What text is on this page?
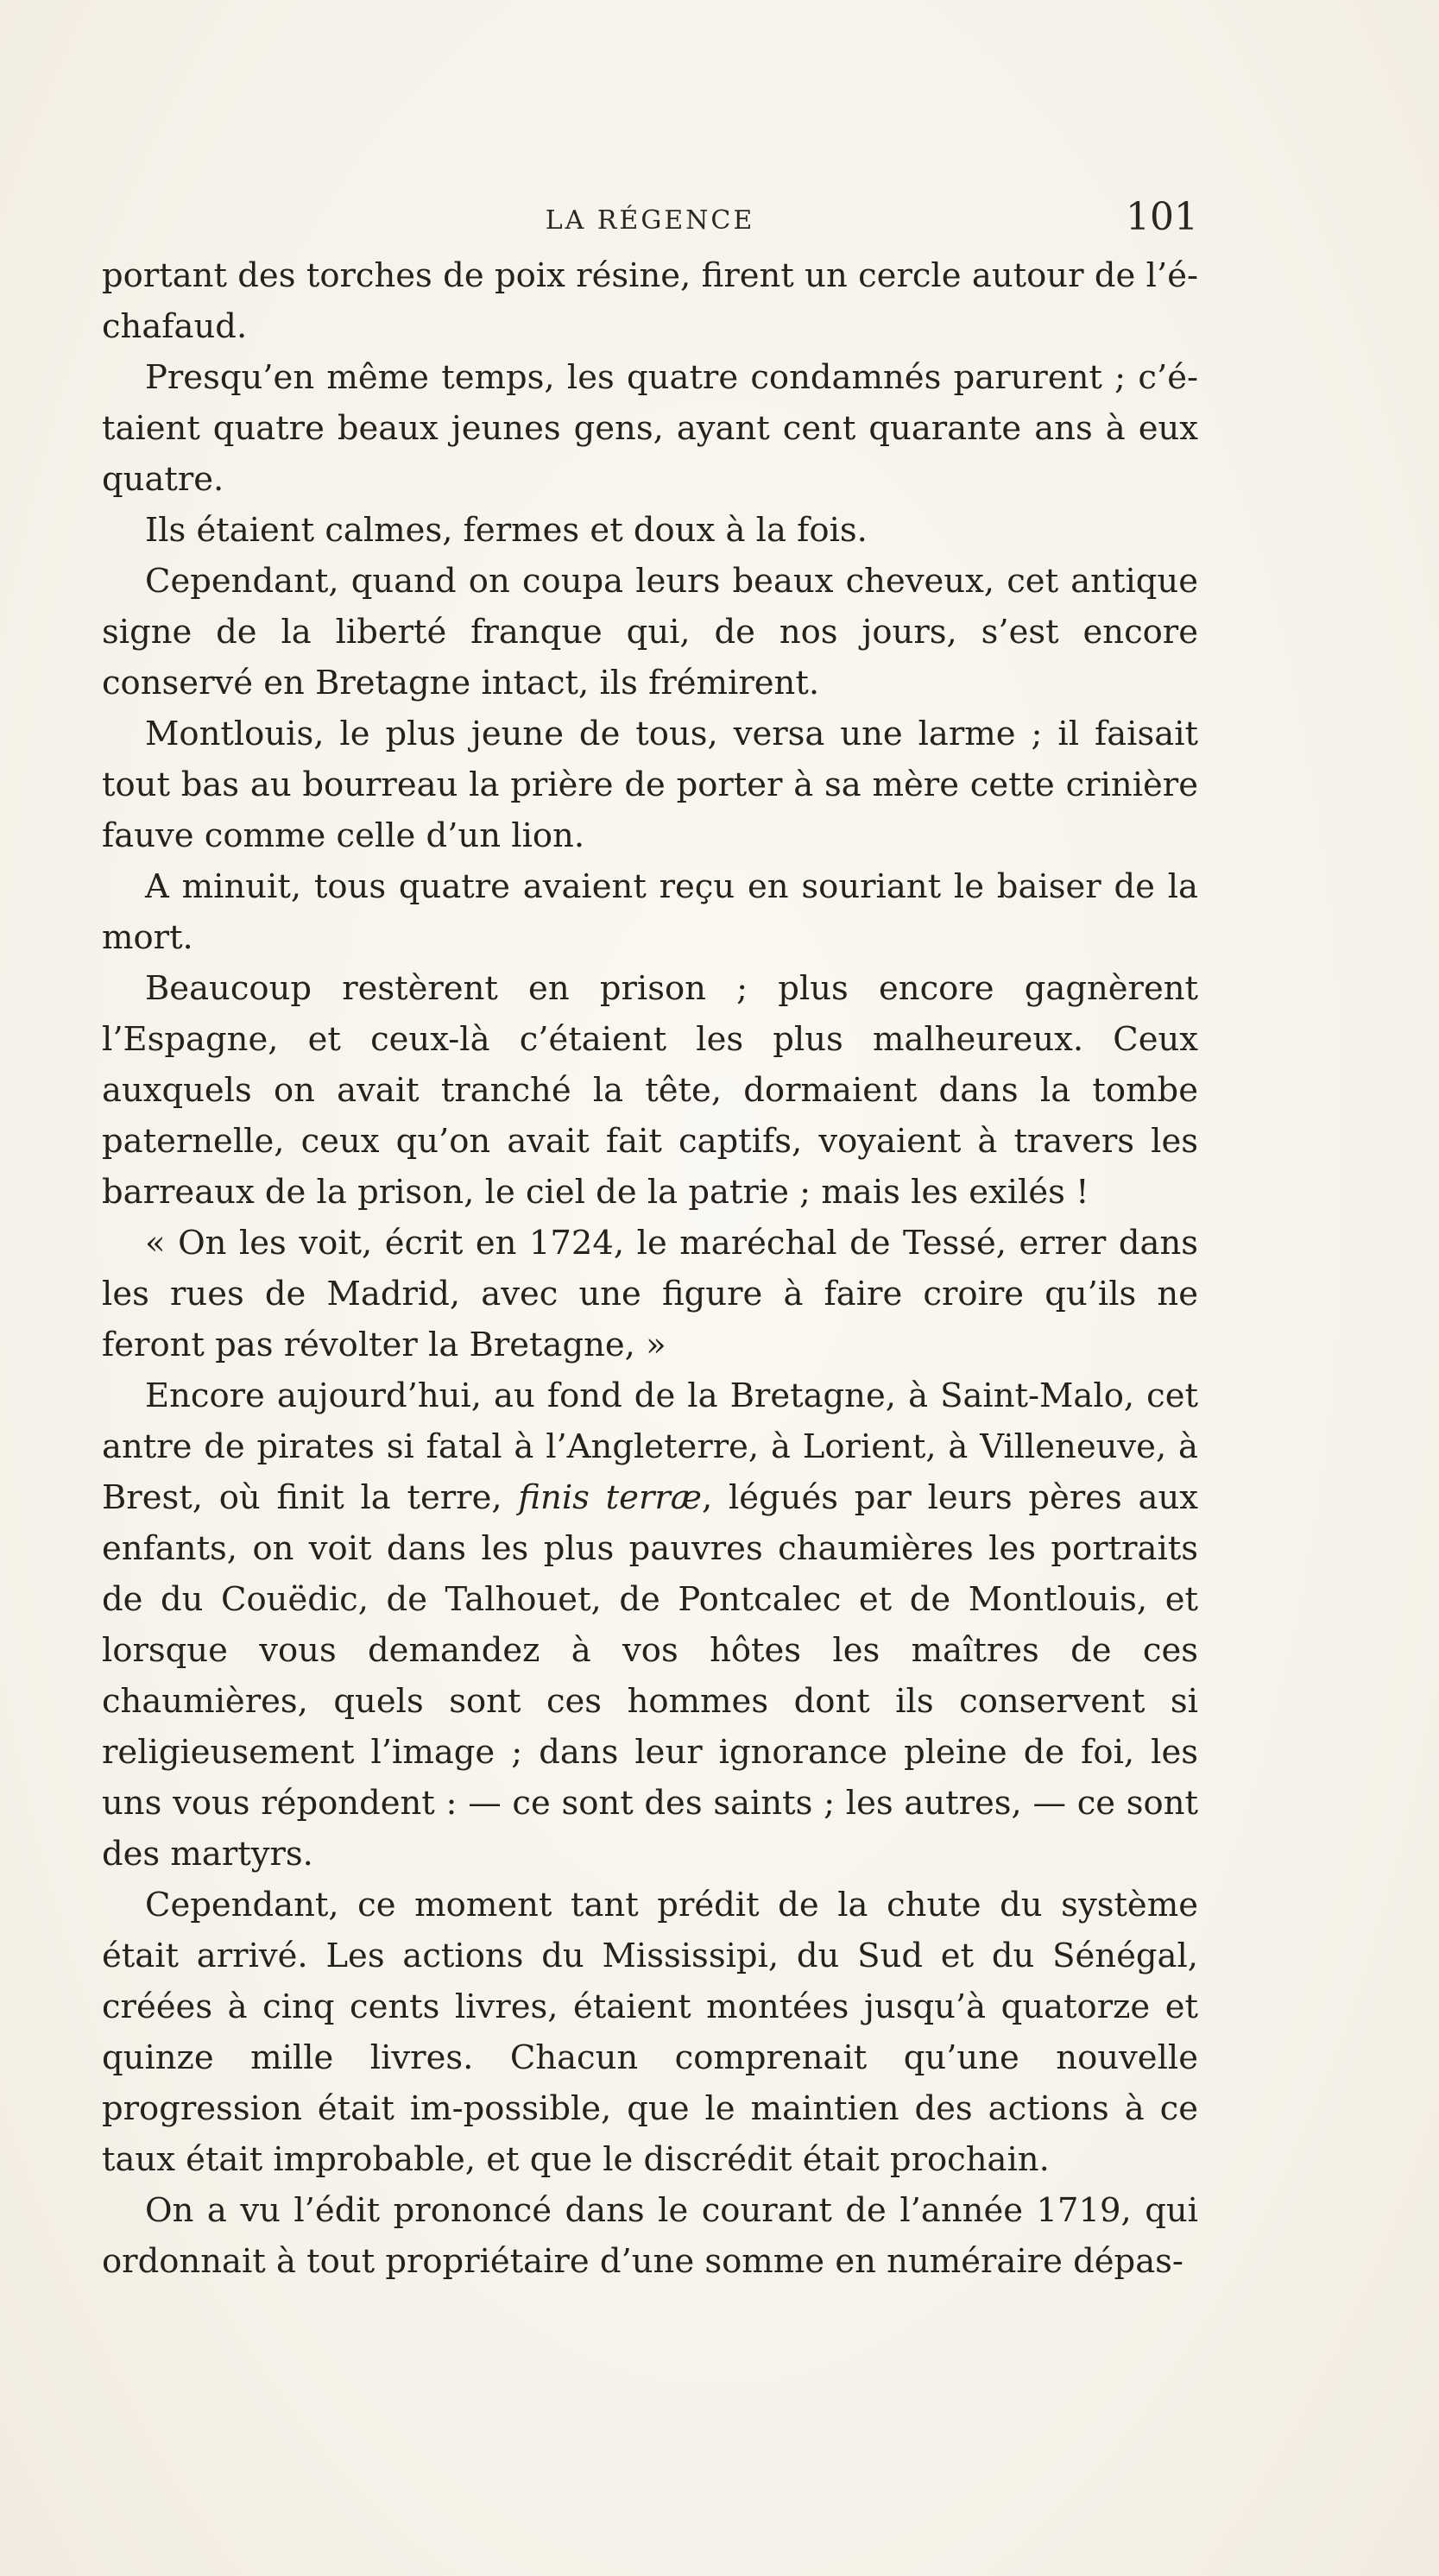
LA RÉGENCE	101

portant des torches de poix résine, firent un cercle autour de l’é-chafaud.

Presqu’en même temps, les quatre condamnés parurent ; c’é-taient quatre beaux jeunes gens, ayant cent quarante ans à eux quatre.

Ils étaient calmes, fermes et doux à la fois.

Cependant, quand on coupa leurs beaux cheveux, cet antique signe de la liberté franque qui, de nos jours, s’est encore conservé en Bretagne intact, ils frémirent.

Montlouis, le plus jeune de tous, versa une larme ; il faisait tout bas au bourreau la prière de porter à sa mère cette crinière fauve comme celle d’un lion.

A minuit, tous quatre avaient reçu en souriant le baiser de la mort.

Beaucoup restèrent en prison ; plus encore gagnèrent l’Espagne, et ceux-là c’étaient les plus malheureux. Ceux auxquels on avait tranché la tête, dormaient dans la tombe paternelle, ceux qu’on avait fait captifs, voyaient à travers les barreaux de la prison, le ciel de la patrie ; mais les exilés !

« On les voit, écrit en 1724, le maréchal de Tessé, errer dans les rues de Madrid, avec une figure à faire croire qu’ils ne feront pas révolter la Bretagne, »

Encore aujourd’hui, au fond de la Bretagne, à Saint-Malo, cet antre de pirates si fatal à l’Angleterre, à Lorient, à Villeneuve, à Brest, où finit la terre, finis terræ, légués par leurs pères aux enfants, on voit dans les plus pauvres chaumières les portraits de du Couëdic, de Talhouet, de Pontcalec et de Montlouis, et lorsque vous demandez à vos hôtes les maîtres de ces chaumières, quels sont ces hommes dont ils conservent si religieusement l’image ; dans leur ignorance pleine de foi, les uns vous répondent : — ce sont des saints ; les autres, — ce sont des martyrs.

Cependant, ce moment tant prédit de la chute du système était arrivé. Les actions du Mississipi, du Sud et du Sénégal, créées à cinq cents livres, étaient montées jusqu’à quatorze et quinze mille livres. Chacun comprenait qu’une nouvelle progression était im-possible, que le maintien des actions à ce taux était improbable, et que le discrédit était prochain.

On a vu l’édit prononcé dans le courant de l’année 1719, qui ordonnait à tout propriétaire d’une somme en numéraire dépas-
